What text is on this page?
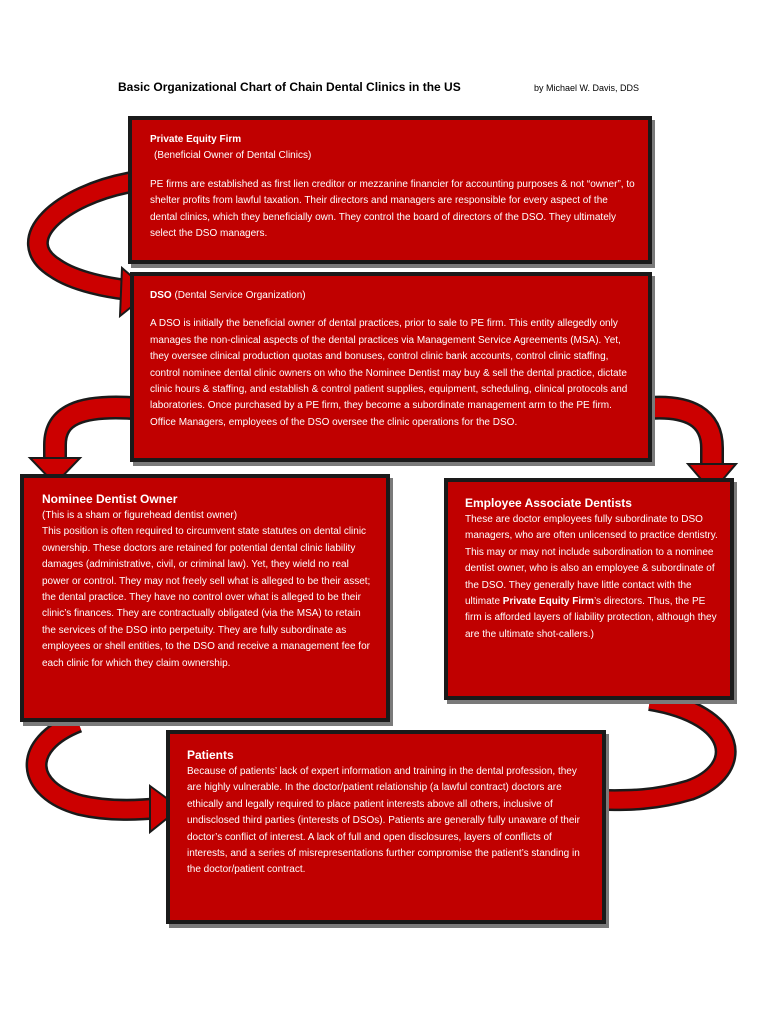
Basic Organizational Chart of Chain Dental Clinics in the US	by Michael W. Davis, DDS
Private Equity Firm
(Beneficial Owner of Dental Clinics)

PE firms are established as first lien creditor or mezzanine financier for accounting purposes & not “owner”, to shelter profits from lawful taxation. Their directors and managers are responsible for every aspect of the dental clinics, which they beneficially own. They control the board of directors of the DSO. They ultimately select the DSO managers.

DSO (Dental Service Organization)

A DSO is initially the beneficial owner of dental practices, prior to sale to PE firm. This entity allegedly only manages the non-clinical aspects of the dental practices via Management Service Agreements (MSA). Yet, they oversee clinical production quotas and bonuses, control clinic bank accounts, control clinic staffing, control nominee dental clinic owners on who the Nominee Dentist may buy & sell the dental practice, dictate clinic hours & staffing, and establish & control patient supplies, equipment, scheduling, clinical protocols and laboratories. Once purchased by a PE firm, they become a subordinate management arm to the PE firm. Office Managers, employees of the DSO oversee the clinic operations for the DSO.

Nominee Dentist Owner
(This is a sham or figurehead dentist owner)

This position is often required to circumvent state statutes on dental clinic ownership. These doctors are retained for potential dental clinic liability damages (administrative, civil, or criminal law). Yet, they wield no real power or control. They may not freely sell what is alleged to be their asset; the dental practice. They have no control over what is alleged to be their clinic’s finances. They are contractually obligated (via the MSA) to retain the services of the DSO into perpetuity. They are fully subordinate as employees or shell entities, to the DSO and receive a management fee for each clinic for which they claim ownership.

Employee Associate Dentists

These are doctor employees fully subordinate to DSO managers, who are often unlicensed to practice dentistry. This may or may not include subordination to a nominee dentist owner, who is also an employee & subordinate of the DSO. They generally have little contact with the ultimate Private Equity Firm’s directors. Thus, the PE firm is afforded layers of liability protection, although they are the ultimate shot-callers.)

Patients

Because of patients’ lack of expert information and training in the dental profession, they are highly vulnerable. In the doctor/patient relationship (a lawful contract) doctors are ethically and legally required to place patient interests above all others, inclusive of undisclosed third parties (interests of DSOs). Patients are generally fully unaware of their doctor’s conflict of interest. A lack of full and open disclosures, layers of conflicts of interests, and a series of misrepresentations further compromise the patient’s standing in the doctor/patient contract.
